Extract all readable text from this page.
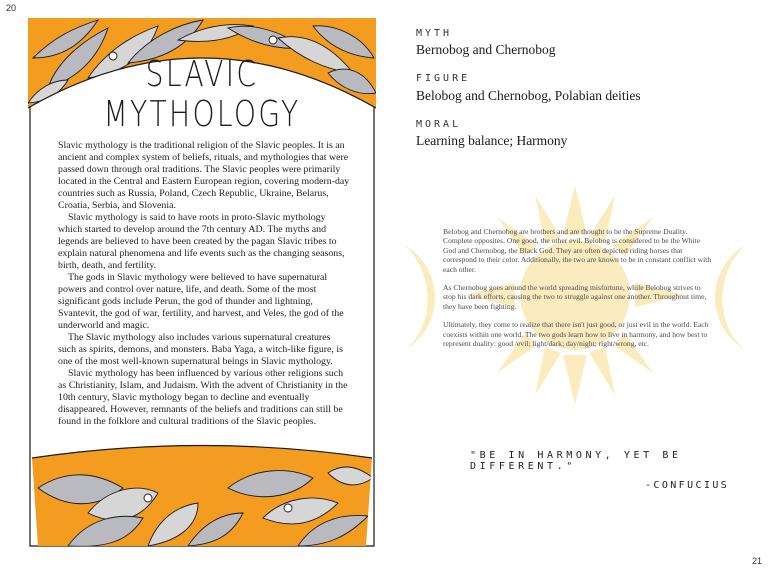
20
21
SLAVIC
MYTHOLOGY

Slavic mythology is the traditional religion of the Slavic peoples. It is an ancient and complex system of beliefs, rituals, and mythologies that were passed down through oral traditions. The Slavic peoples were primarily located in the Central and Eastern European region, covering modern-day countries such as Russia, Poland, Czech Republic, Ukraine, Belarus, Croatia, Serbia, and Slovenia.

Slavic mythology is said to have roots in proto-Slavic mythology which started to develop around the 7th century AD. The myths and legends are believed to have been created by the pagan Slavic tribes to explain natural phenomena and life events such as the changing seasons, birth, death, and fertility.

The gods in Slavic mythology were believed to have supernatural powers and control over nature, life, and death. Some of the most significant gods include Perun, the god of thunder and lightning, Svantevit, the god of war, fertility, and harvest, and Veles, the god of the underworld and magic.

The Slavic mythology also includes various supernatural creatures such as spirits, demons, and monsters. Baba Yaga, a witch-like figure, is one of the most well-known supernatural beings in Slavic mythology.

Slavic mythology has been influenced by various other religions such as Christianity, Islam, and Judaism. With the advent of Christianity in the 10th century, Slavic mythology began to decline and eventually disappeared. However, remnants of the beliefs and traditions can still be found in the folklore and cultural traditions of the Slavic peoples.

MYTH
Bernobog and Chernobog
FIGURE
Belobog and Chernobog, Polabian deities
MORAL
Learning balance; Harmony

Belobog and Chernobog are brothers and are thought to be the Supreme Duality. Complete opposites. One good, the other evil. Belobog is considered to be the White God and Chernobog, the Black God. They are often depicted riding horses that correspond to their color. Additionally, the two are known to be in constant conflict with each other.

As Chernobog goes around the world spreading misfortune, while Belobog strives to stop his dark efforts, causing the two to struggle against one another. Throughout time, they have been fighting.

Ultimately, they come to realize that there isn't just good, or just evil in the world. Each coexists within one world. The two gods learn how to live in harmony, and how best to represent duality: good /evil; light/dark; day/night; right/wrong, etc.

"BE IN HARMONY, YET BE DIFFERENT."
-CONFUCIUS
